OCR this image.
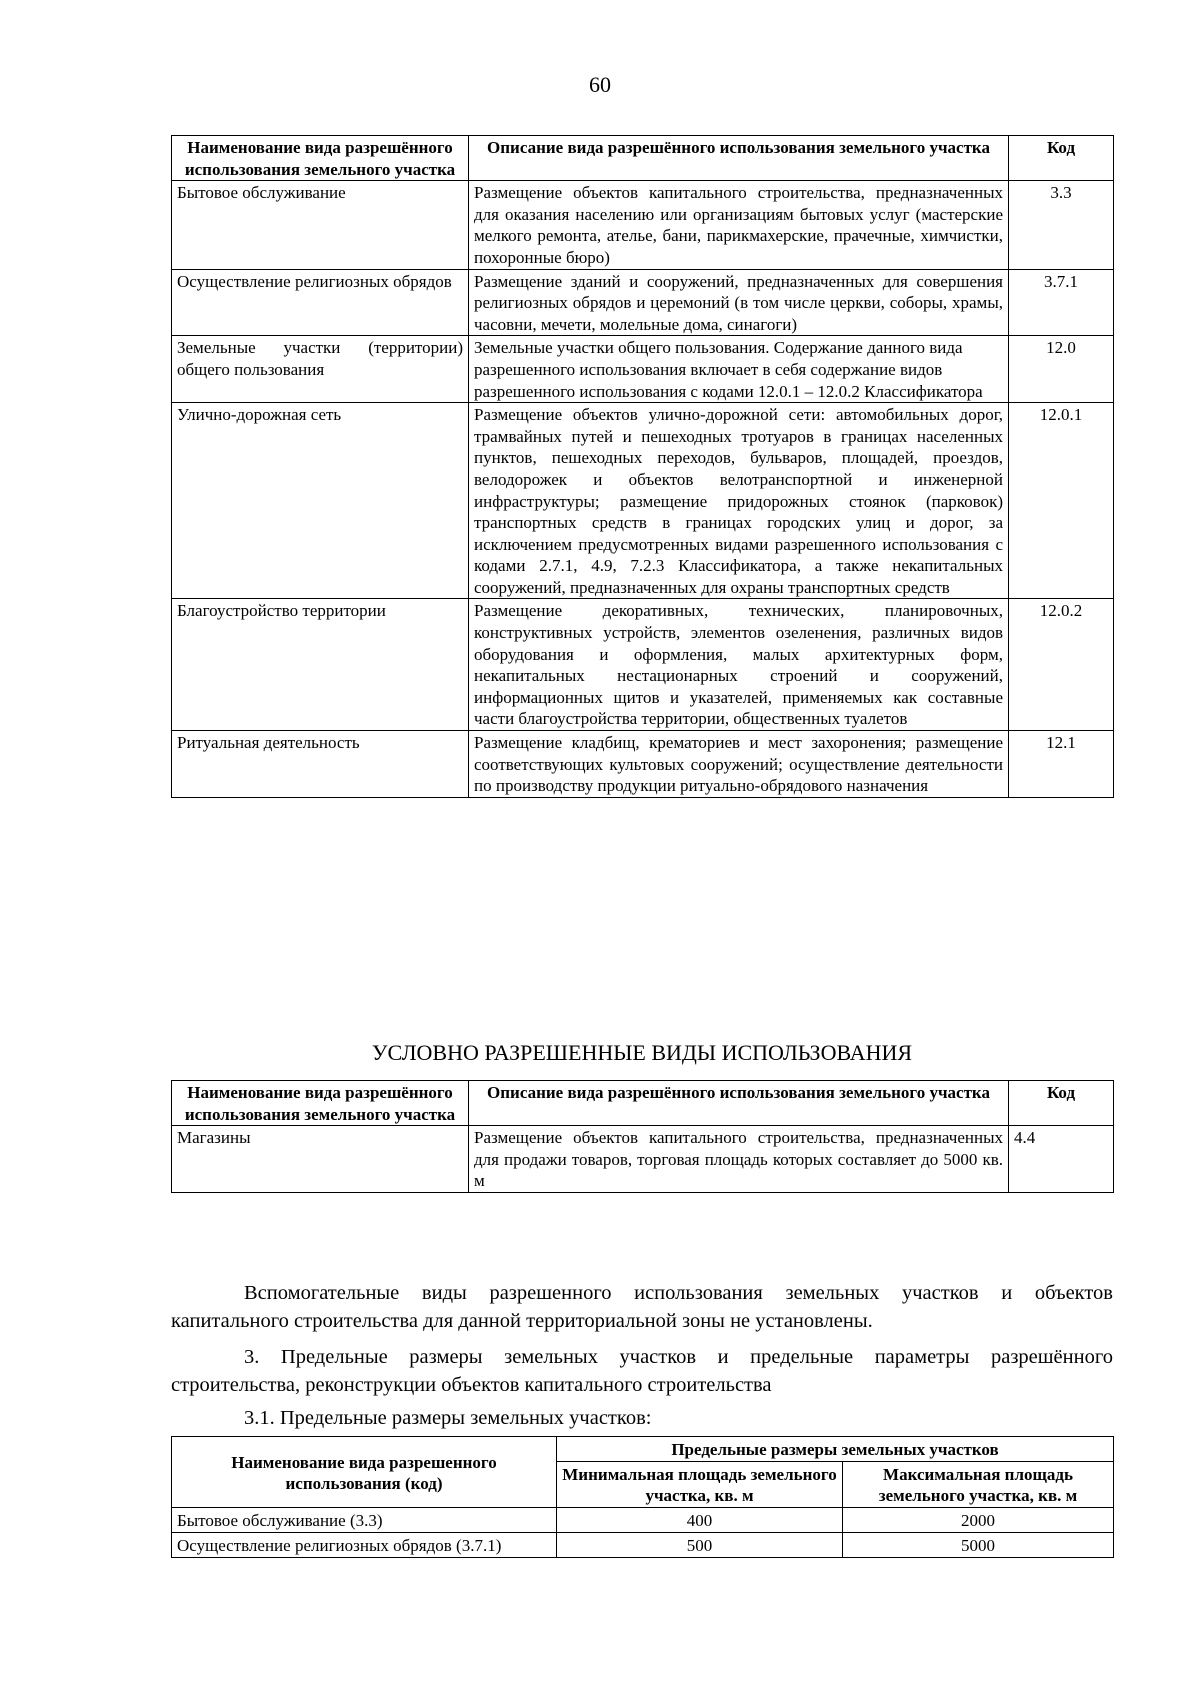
60
Наименование вида разрешённого использования земельного участка	Описание вида разрешённого использования земельного участка	Код
Бытовое обслуживание	Размещение объектов капитального строительства, предназначенных для оказания населению или организациям бытовых услуг (мастерские мелкого ремонта, ателье, бани, парикмахерские, прачечные, химчистки, похоронные бюро)	3.3
Осуществление религиозных обрядов	Размещение зданий и сооружений, предназначенных для совершения религиозных обрядов и церемоний (в том числе церкви, соборы, храмы, часовни, мечети, молельные дома, синагоги)	3.7.1
Земельные участки (территории) общего пользования	Земельные участки общего пользования. Содержание данного вида разрешенного использования включает в себя содержание видов разрешенного использования с кодами 12.0.1 – 12.0.2 Классификатора	12.0
Улично-дорожная сеть	Размещение объектов улично-дорожной сети: автомобильных дорог, трамвайных путей и пешеходных тротуаров в границах населенных пунктов, пешеходных переходов, бульваров, площадей, проездов, велодорожек и объектов велотранспортной и инженерной инфраструктуры; размещение придорожных стоянок (парковок) транспортных средств в границах городских улиц и дорог, за исключением предусмотренных видами разрешенного использования с кодами 2.7.1, 4.9, 7.2.3 Классификатора, а также некапитальных сооружений, предназначенных для охраны транспортных средств	12.0.1
Благоустройство территории	Размещение декоративных, технических, планировочных, конструктивных устройств, элементов озеленения, различных видов оборудования и оформления, малых архитектурных форм, некапитальных нестационарных строений и сооружений, информационных щитов и указателей, применяемых как составные части благоустройства территории, общественных туалетов	12.0.2
Ритуальная деятельность	Размещение кладбищ, крематориев и мест захоронения; размещение соответствующих культовых сооружений; осуществление деятельности по производству продукции ритуально-обрядового назначения	12.1
УСЛОВНО РАЗРЕШЕННЫЕ ВИДЫ ИСПОЛЬЗОВАНИЯ
Наименование вида разрешённого использования земельного участка	Описание вида разрешённого использования земельного участка	Код
Магазины	Размещение объектов капитального строительства, предназначенных для продажи товаров, торговая площадь которых составляет до 5000 кв. м	4.4
Вспомогательные виды разрешенного использования земельных участков и объектов капитального строительства для данной территориальной зоны не установлены.
3. Предельные размеры земельных участков и предельные параметры разрешённого строительства, реконструкции объектов капитального строительства
3.1. Предельные размеры земельных участков:
Наименование вида разрешенного использования (код)	Предельные размеры земельных участков	
	Минимальная площадь земельного участка, кв. м	Максимальная площадь земельного участка, кв. м
Бытовое обслуживание (3.3)	400	2000
Осуществление религиозных обрядов (3.7.1)	500	5000
